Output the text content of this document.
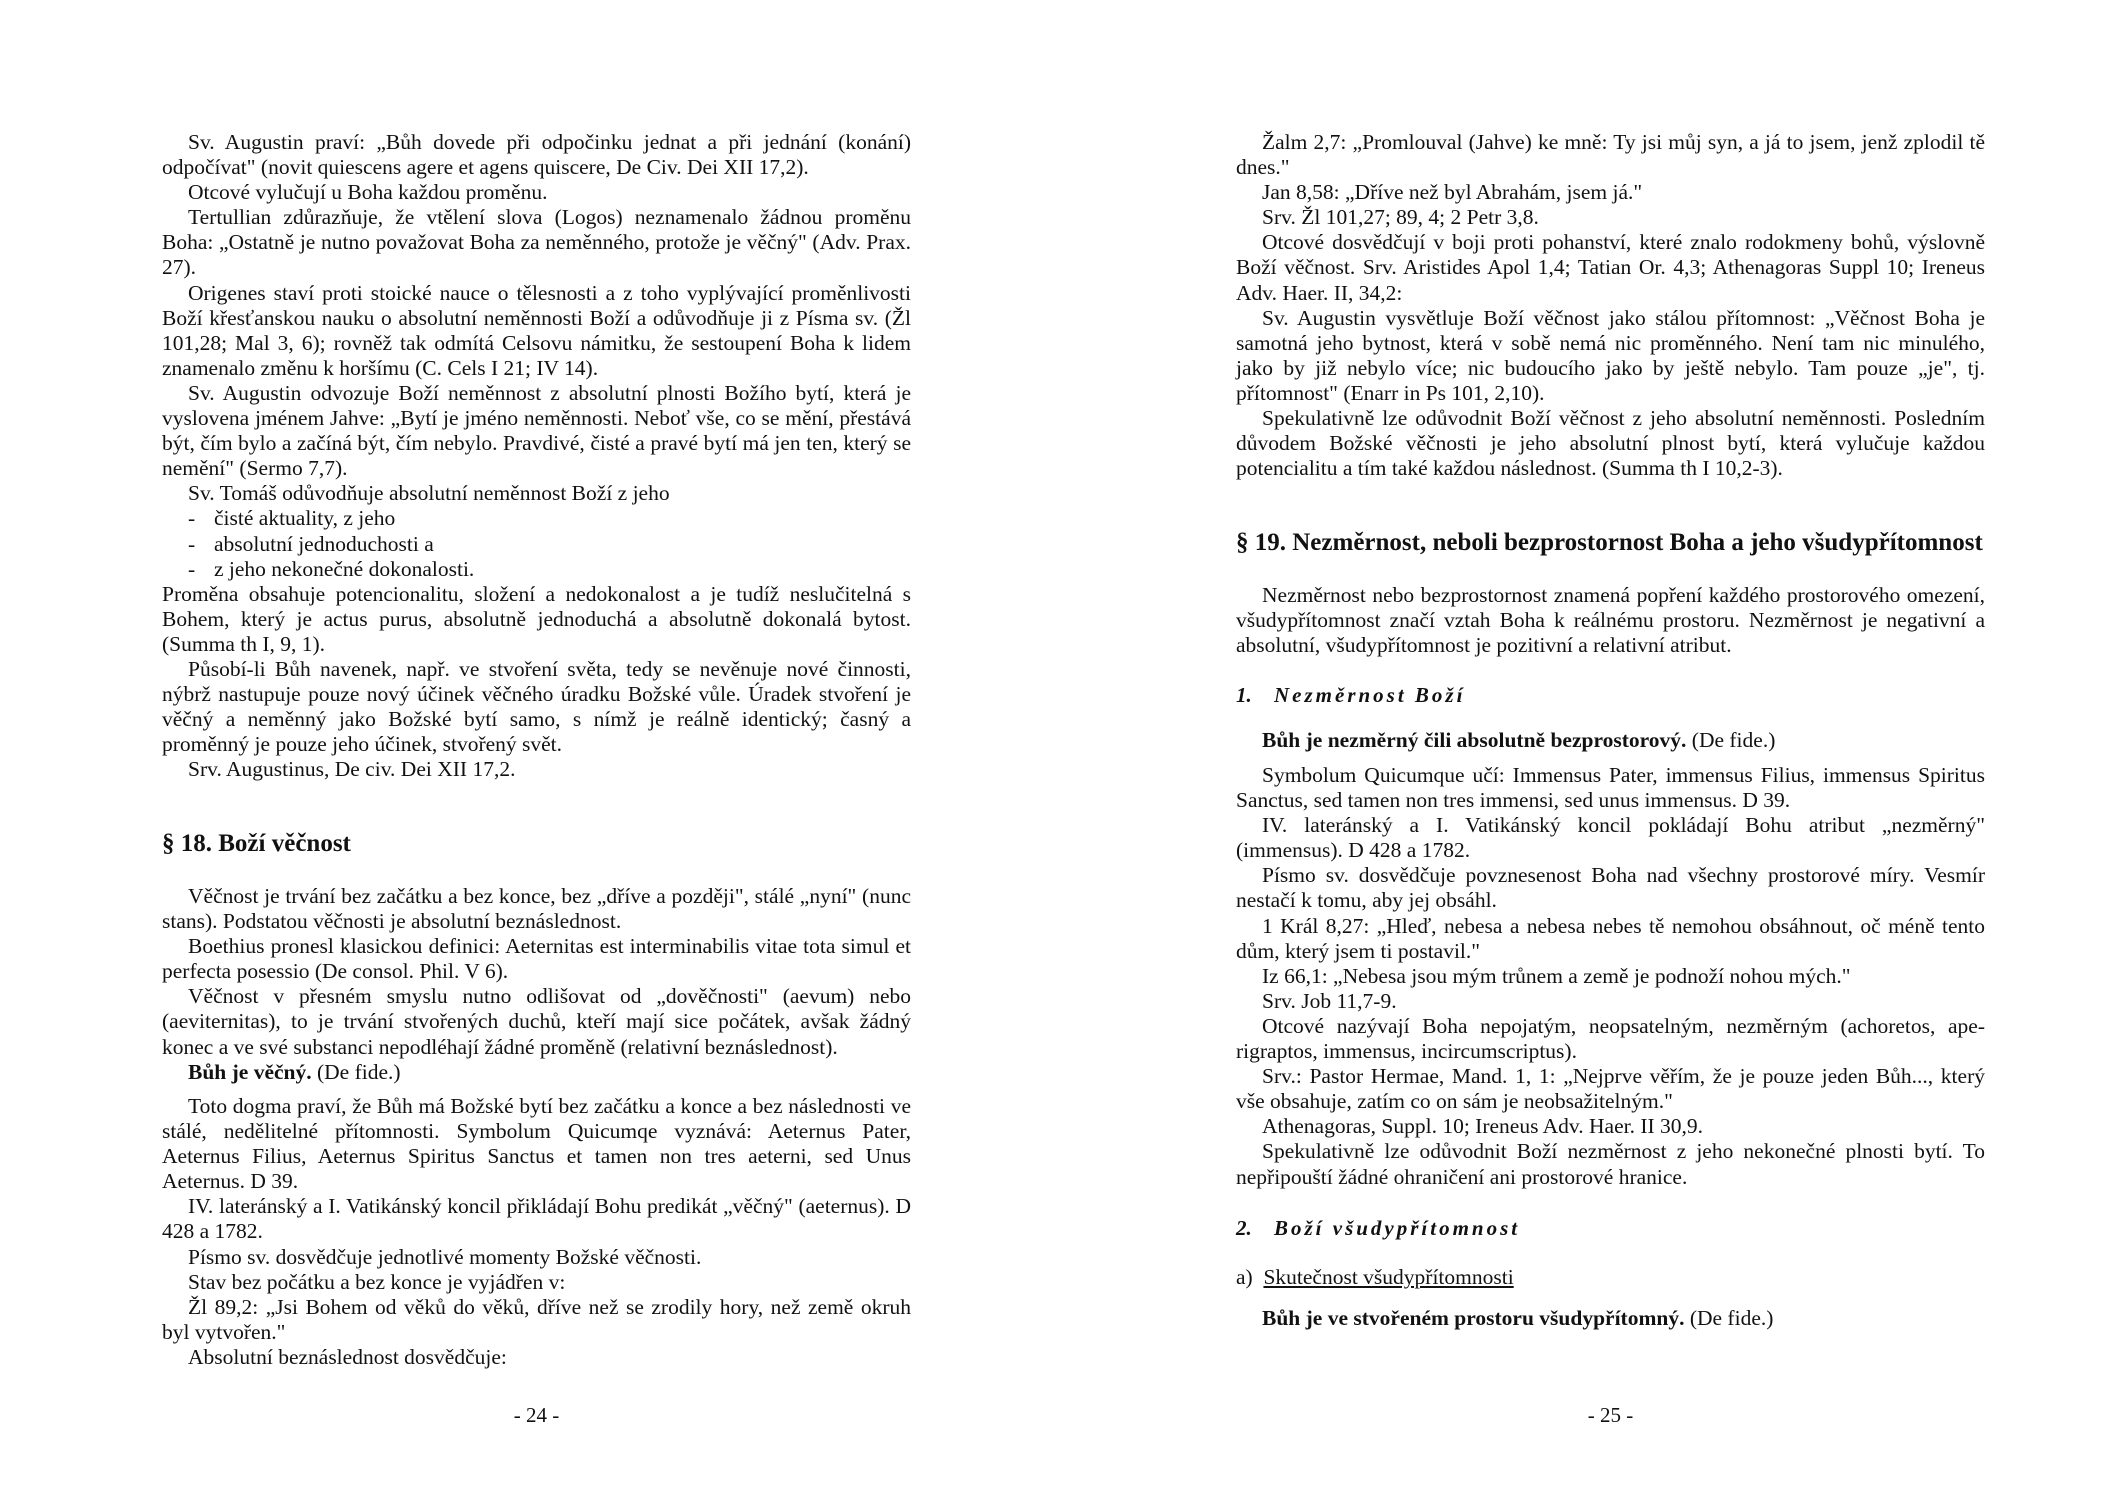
Sv. Augustin praví: „Bůh dovede při odpočinku jednat a při jednání (konání) odpočívat" (novit quiescens agere et agens quiscere, De Civ. Dei XII 17,2).

Otcové vylučují u Boha každou proměnu.

Tertullian zdůrazňuje, že vtělení slova (Logos) neznamenalo žádnou proměnu Boha: „Ostatně je nutno považovat Boha za neměnného, protože je věčný" (Adv. Prax. 27).

Origenes staví proti stoické nauce o tělesnosti a z toho vyplývající proměnlivosti Boží křesťanskou nauku o absolutní neměnnosti Boží a odůvodňuje ji z Písma sv. (Žl 101,28; Mal 3, 6); rovněž tak odmítá Celsovu námitku, že sestoupení Boha k lidem znamenalo změnu k horšímu (C. Cels I 21; IV 14).

Sv. Augustin odvozuje Boží neměnnost z absolutní plnosti Božího bytí, která je vyslovena jménem Jahve: „Bytí je jméno neměnnosti. Neboť vše, co se mění, přestává být, čím bylo a začíná být, čím nebylo. Pravdivé, čisté a pravé bytí má jen ten, který se nemění" (Sermo 7,7).

Sv. Tomáš odůvodňuje absolutní neměnnost Boží z jeho

- čisté aktuality, z jeho
- absolutní jednoduchosti a
- z jeho nekonečné dokonalosti.

Proměna obsahuje potencionalitu, složení a nedokonalost a je tudíž neslučitelná s Bohem, který je actus purus, absolutně jednoduchá a absolutně dokonalá bytost. (Summa th I, 9, 1).

Působí-li Bůh navenek, např. ve stvoření světa, tedy se nevěnuje nové činnosti, nýbrž nastupuje pouze nový účinek věčného úradku Božské vůle. Úradek stvoření je věčný a neměnný jako Božské bytí samo, s nímž je reálně identický; časný a proměnný je pouze jeho účinek, stvořený svět.

Srv. Augustinus, De civ. Dei XII 17,2.

§ 18. Boží věčnost

Věčnost je trvání bez začátku a bez konce, bez „dříve a později", stálé „nyní" (nunc stans). Podstatou věčnosti je absolutní beznáslednost.

Boethius pronesl klasickou definici: Aeternitas est interminabilis vitae tota simul et perfecta posessio (De consol. Phil. V 6).

Věčnost v přesném smyslu nutno odlišovat od „dověčnosti" (aevum) nebo (aeviternitas), to je trvání stvořených duchů, kteří mají sice počátek, avšak žádný konec a ve své substanci nepodléhají žádné proměně (relativní beznáslednost).

Bůh je věčný. (De fide.)

Toto dogma praví, že Bůh má Božské bytí bez začátku a konce a bez následnosti ve stálé, nedělitelné přítomnosti. Symbolum Quicumqe vyznává: Aeternus Pater, Aeternus Filius, Aeternus Spiritus Sanctus et tamen non tres aeterni, sed Unus Aeternus. D 39.

IV. lateránský a I. Vatikánský koncil přikládají Bohu predikát „věčný" (aeternus). D 428 a 1782.

Písmo sv. dosvědčuje jednotlivé momenty Božské věčnosti.

Stav bez počátku a bez konce je vyjádřen v:

Žl 89,2: „Jsi Bohem od věků do věků, dříve než se zrodily hory, než země okruh byl vytvořen."

Absolutní beznáslednost dosvědčuje:

- 24 -

Žalm 2,7: „Promlouval (Jahve) ke mně: Ty jsi můj syn, a já to jsem, jenž zplodil tě dnes."

Jan 8,58: „Dříve než byl Abrahám, jsem já."

Srv. Žl 101,27; 89, 4; 2 Petr 3,8.

Otcové dosvědčují v boji proti pohanství, které znalo rodokmeny bohů, výslovně Boží věčnost. Srv. Aristides Apol 1,4; Tatian Or. 4,3; Athenagoras Suppl 10; Ireneus Adv. Haer. II, 34,2:

Sv. Augustin vysvětluje Boží věčnost jako stálou přítomnost: „Věčnost Boha je samotná jeho bytnost, která v sobě nemá nic proměnného. Není tam nic minulého, jako by již nebylo více; nic budoucího jako by ještě nebylo. Tam pouze „je", tj. přítomnost" (Enarr in Ps 101, 2,10).

Spekulativně lze odůvodnit Boží věčnost z jeho absolutní neměnnosti. Posledním důvodem Božské věčnosti je jeho absolutní plnost bytí, která vylučuje každou potencialitu a tím také každou následnost. (Summa th I 10,2-3).

§ 19. Nezměrnost, neboli bezprostornost Boha a jeho všudypřítomnost

Nezměrnost nebo bezprostornost znamená popření každého prostorového omezení, všudypřítomnost značí vztah Boha k reálnému prostoru. Nezměrnost je negativní a absolutní, všudypřítomnost je pozitivní a relativní atribut.

1. Nezměrnost Boží

Bůh je nezměrný čili absolutně bezprostorový. (De fide.)

Symbolum Quicumque učí: Immensus Pater, immensus Filius, immensus Spiritus Sanctus, sed tamen non tres immensi, sed unus immensus. D 39.

IV. lateránský a I. Vatikánský koncil pokládají Bohu atribut „nezměrný" (immensus). D 428 a 1782.

Písmo sv. dosvědčuje povznesenost Boha nad všechny prostorové míry. Vesmír nestačí k tomu, aby jej obsáhl.

1 Král 8,27: „Hleď, nebesa a nebesa nebes tě nemohou obsáhnout, oč méně tento dům, který jsem ti postavil."

Iz 66,1: „Nebesa jsou mým trůnem a země je podnoží nohou mých."

Srv. Job 11,7-9.

Otcové nazývají Boha nepojatým, neopsatelným, nezměrným (achoretos, ape-rigraptos, immensus, incircumscriptus).

Srv.: Pastor Hermae, Mand. 1, 1: „Nejprve věřím, že je pouze jeden Bůh..., který vše obsahuje, zatím co on sám je neobsažitelným."

Athenagoras, Suppl. 10; Ireneus Adv. Haer. II 30,9.

Spekulativně lze odůvodnit Boží nezměrnost z jeho nekonečné plnosti bytí. To nepřipouští žádné ohraničení ani prostorové hranice.

2. Boží všudypřítomnost

a) Skutečnost všudypřítomnosti

Bůh je ve stvořeném prostoru všudypřítomný. (De fide.)

- 25 -
